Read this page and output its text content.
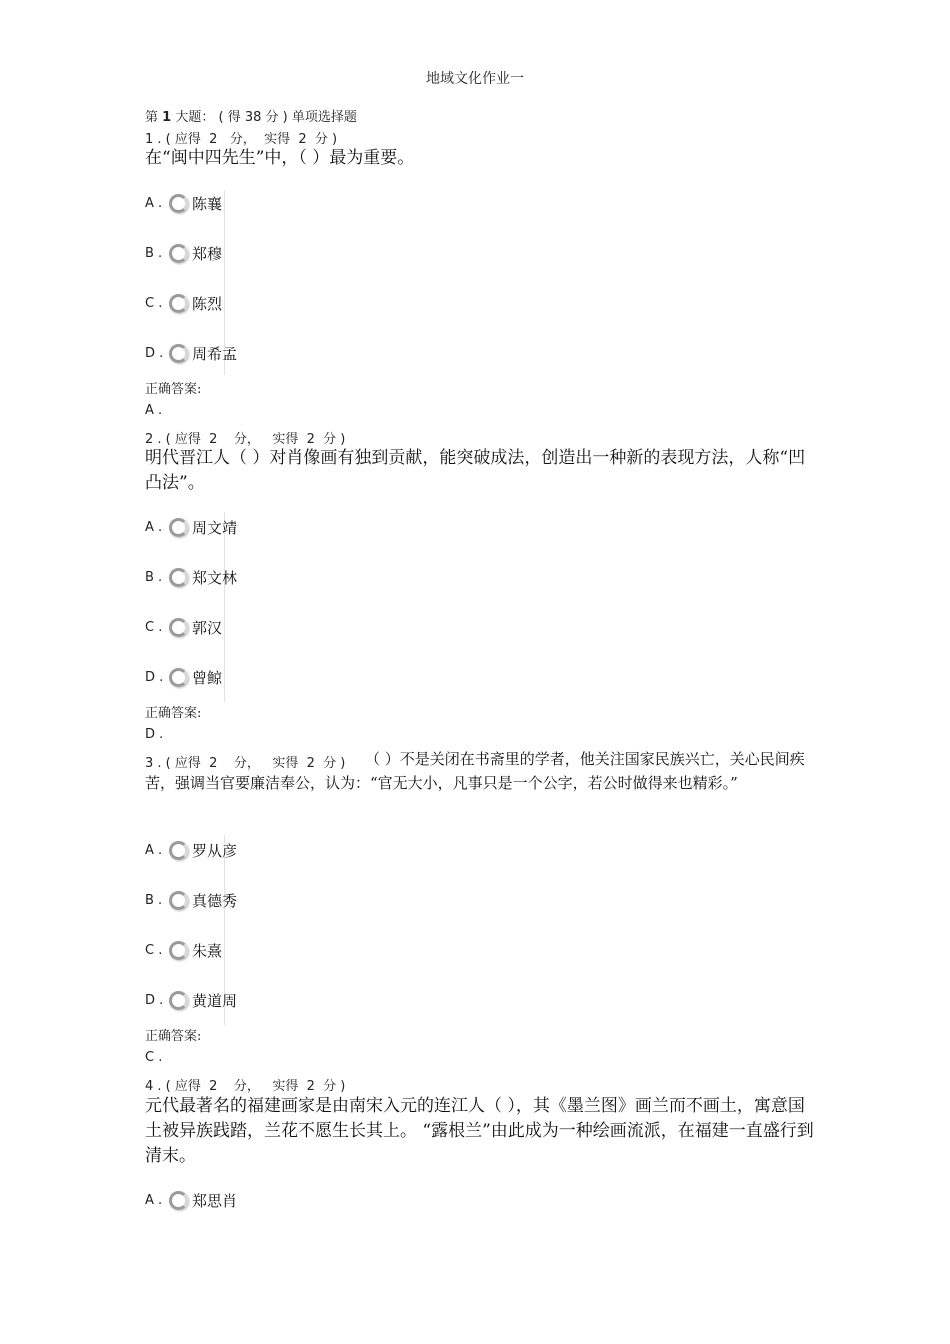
地域文化作业一
第 1 大题： ( 得 38 分 ) 单项选择题
1 . ( 应得  2   分，  实得  2  分 )
在“闽中四先生”中，（ ）最为重要。
A .	陈襄
B .	郑穆
C .	陈烈
D .	周希孟
正确答案:
A .
2 . ( 应得  2    分，   实得  2  分 )
明代晋江人（ ）对肖像画有独到贡献，能突破成法，创造出一种新的表现方法，人称“凹凸法”。
A .	周文靖
B .	郑文林
C .	郭汉
D .	曾鲸
正确答案:
D .
3 . ( 应得  2    分，   实得  2  分 )	（ ）不是关闭在书斋里的学者，他关注国家民族兴亡，关心民间疾苦，强调当官要廉洁奉公，认为：“官无大小，凡事只是一个公字，若公时做得来也精彩。”
A .	罗从彦
B .	真德秀
C .	朱熹
D .	黄道周
正确答案:
C .
4 . ( 应得  2    分，   实得  2  分 )
元代最著名的福建画家是由南宋入元的连江人（ ），其《墨兰图》画兰而不画土，寓意国土被异族践踏，兰花不愿生长其上。 “露根兰”由此成为一种绘画流派，在福建一直盛行到清末。
A .	郑思肖
